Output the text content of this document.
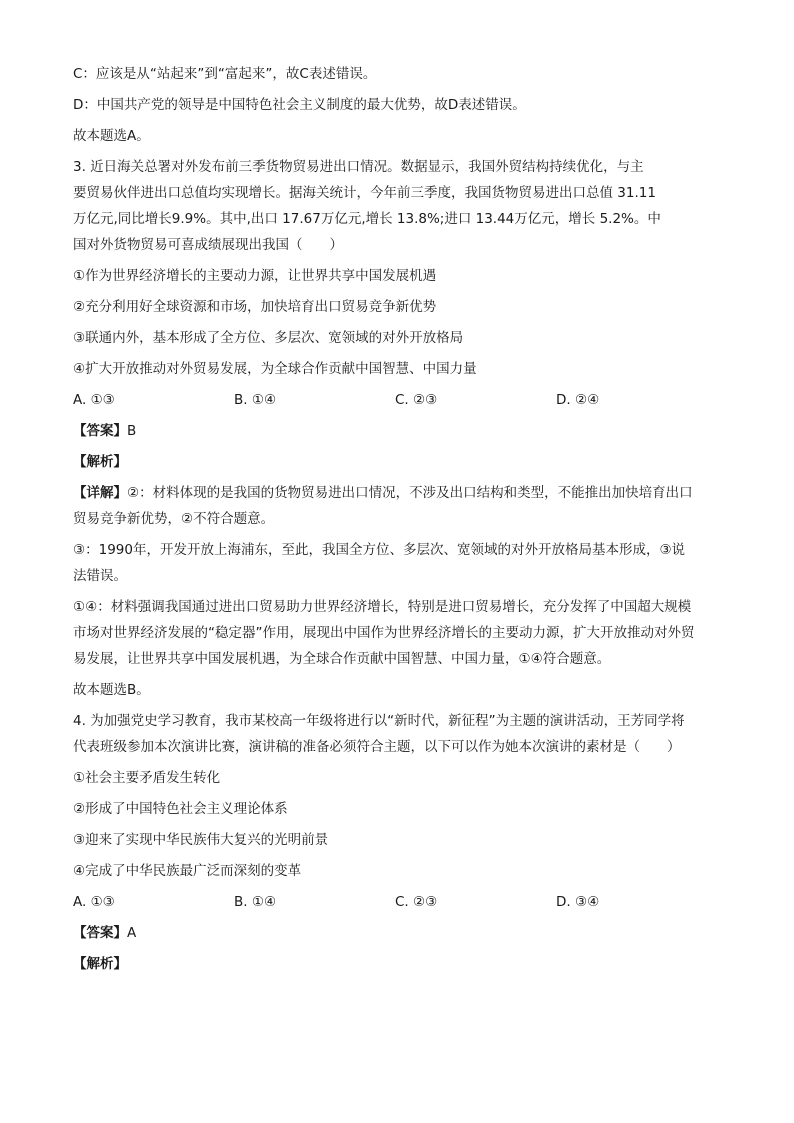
C：应该是从“站起来”到“富起来”，故C表述错误。
D：中国共产党的领导是中国特色社会主义制度的最大优势，故D表述错误。
故本题选A。
3. 近日海关总署对外发布前三季货物贸易进出口情况。数据显示，我国外贸结构持续优化，与主
要贸易伙伴进出口总值均实现增长。据海关统计，今年前三季度，我国货物贸易进出口总值 31.11
万亿元,同比增长9.9%。其中,出口 17.67万亿元,增长 13.8%;进口 13.44万亿元，增长 5.2%。中
国对外货物贸易可喜成绩展现出我国（　　）
①作为世界经济增长的主要动力源，让世界共享中国发展机遇
②充分利用好全球资源和市场，加快培育出口贸易竞争新优势
③联通内外，基本形成了全方位、多层次、宽领域的对外开放格局
④扩大开放推动对外贸易发展，为全球合作贡献中国智慧、中国力量
A. ①③	B. ①④	C. ②③	D. ②④
【答案】B
【解析】
【详解】②：材料体现的是我国的货物贸易进出口情况，不涉及出口结构和类型，不能推出加快培育出口
贸易竞争新优势，②不符合题意。
③：1990年，开发开放上海浦东，至此，我国全方位、多层次、宽领域的对外开放格局基本形成，③说
法错误。
①④：材料强调我国通过进出口贸易助力世界经济增长，特别是进口贸易增长，充分发挥了中国超大规模
市场对世界经济发展的“稳定器”作用，展现出中国作为世界经济增长的主要动力源，扩大开放推动对外贸
易发展，让世界共享中国发展机遇，为全球合作贡献中国智慧、中国力量，①④符合题意。
故本题选B。
4. 为加强党史学习教育，我市某校高一年级将进行以“新时代，新征程”为主题的演讲活动，王芳同学将
代表班级参加本次演讲比赛，演讲稿的准备必须符合主题，以下可以作为她本次演讲的素材是（　　）
①社会主要矛盾发生转化
②形成了中国特色社会主义理论体系
③迎来了实现中华民族伟大复兴的光明前景
④完成了中华民族最广泛而深刻的变革
A. ①③	B. ①④	C. ②③	D. ③④
【答案】A
【解析】
